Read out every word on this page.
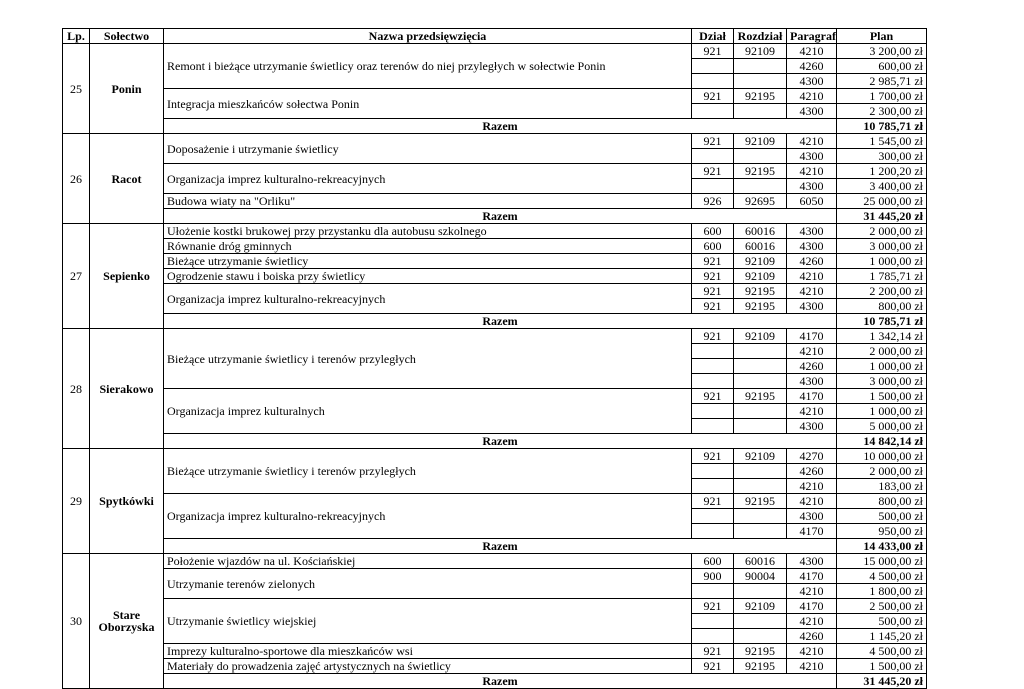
Lp.	Sołectwo	Nazwa przedsięwzięcia	Dział	Rozdział	Paragraf	Plan
25	Ponin	Remont i bieżące utrzymanie świetlicy oraz terenów do niej przyległych w sołectwie Ponin	921	92109	4210	3 200,00 zł
					4260	600,00 zł
					4300	2 985,71 zł
		Integracja mieszkańców sołectwa Ponin	921	92195	4210	1 700,00 zł
					4300	2 300,00 zł
		Razem				10 785,71 zł
26	Racot	Doposażenie i utrzymanie świetlicy	921	92109	4210	1 545,00 zł
					4300	300,00 zł
		Organizacja imprez kulturalno-rekreacyjnych	921	92195	4210	1 200,20 zł
					4300	3 400,00 zł
		Budowa wiaty na "Orliku"	926	92695	6050	25 000,00 zł
		Razem				31 445,20 zł
27	Sepienko	Ułożenie kostki brukowej przy przystanku dla autobusu szkolnego	600	60016	4300	2 000,00 zł
		Równanie dróg gminnych	600	60016	4300	3 000,00 zł
		Bieżące utrzymanie świetlicy	921	92109	4260	1 000,00 zł
		Ogrodzenie stawu i boiska przy świetlicy	921	92109	4210	1 785,71 zł
		Organizacja imprez kulturalno-rekreacyjnych	921	92195	4210	2 200,00 zł
			921	92195	4300	800,00 zł
		Razem				10 785,71 zł
28	Sierakowo	Bieżące utrzymanie świetlicy i terenów przyległych	921	92109	4170	1 342,14 zł
					4210	2 000,00 zł
					4260	1 000,00 zł
					4300	3 000,00 zł
		Organizacja imprez kulturalnych	921	92195	4170	1 500,00 zł
					4210	1 000,00 zł
					4300	5 000,00 zł
		Razem				14 842,14 zł
29	Spytkówki	Bieżące utrzymanie świetlicy i terenów przyległych	921	92109	4270	10 000,00 zł
					4260	2 000,00 zł
					4210	183,00 zł
		Organizacja imprez kulturalno-rekreacyjnych	921	92195	4210	800,00 zł
					4300	500,00 zł
					4170	950,00 zł
		Razem				14 433,00 zł
30	Stare Oborzyska	Położenie wjazdów na ul. Kościańskiej	600	60016	4300	15 000,00 zł
		Utrzymanie terenów zielonych	900	90004	4170	4 500,00 zł
					4210	1 800,00 zł
		Utrzymanie świetlicy wiejskiej	921	92109	4170	2 500,00 zł
					4210	500,00 zł
					4260	1 145,20 zł
		Imprezy kulturalno-sportowe dla mieszkańców wsi	921	92195	4210	4 500,00 zł
		Materiały do prowadzenia zajęć artystycznych na świetlicy	921	92195	4210	1 500,00 zł
		Razem				31 445,20 zł
